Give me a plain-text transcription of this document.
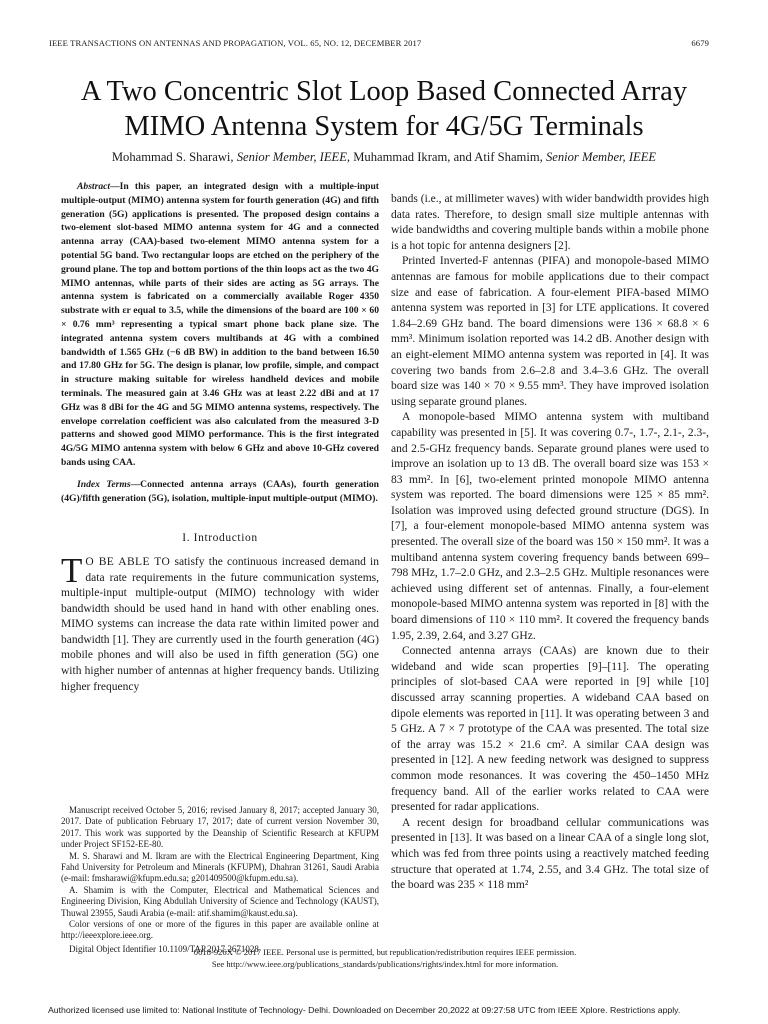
IEEE TRANSACTIONS ON ANTENNAS AND PROPAGATION, VOL. 65, NO. 12, DECEMBER 2017	6679
A Two Concentric Slot Loop Based Connected Array
MIMO Antenna System for 4G/5G Terminals
Mohammad S. Sharawi, Senior Member, IEEE, Muhammad Ikram, and Atif Shamim, Senior Member, IEEE

Abstract—In this paper, an integrated design with a multiple-input multiple-output (MIMO) antenna system for fourth generation (4G) and fifth generation (5G) applications is presented. The proposed design contains a two-element slot-based MIMO antenna system for 4G and a connected antenna array (CAA)-based two-element MIMO antenna system for a potential 5G band. Two rectangular loops are etched on the periphery of the ground plane. The top and bottom portions of the thin loops act as the two 4G MIMO antennas, while parts of their sides are acting as 5G arrays. The antenna system is fabricated on a commercially available Roger 4350 substrate with εr equal to 3.5, while the dimensions of the board are 100 × 60 × 0.76 mm³ representing a typical smart phone back plane size. The integrated antenna system covers multibands at 4G with a combined bandwidth of 1.565 GHz (−6 dB BW) in addition to the band between 16.50 and 17.80 GHz for 5G. The design is planar, low profile, simple, and compact in structure making suitable for wireless handheld devices and mobile terminals. The measured gain at 3.46 GHz was at least 2.22 dBi and at 17 GHz was 8 dBi for the 4G and 5G MIMO antenna systems, respectively. The envelope correlation coefficient was also calculated from the measured 3-D patterns and showed good MIMO performance. This is the first integrated 4G/5G MIMO antenna system with below 6 GHz and above 10-GHz covered bands using CAA.

Index Terms—Connected antenna arrays (CAAs), fourth generation (4G)/fifth generation (5G), isolation, multiple-input multiple-output (MIMO).

I. Introduction

T O BE ABLE TO satisfy the continuous increased demand in data rate requirements in the future communication systems, multiple-input multiple-output (MIMO) technology with wider bandwidth should be used hand in hand with other enabling ones. MIMO systems can increase the data rate within limited power and bandwidth [1]. They are currently used in the fourth generation (4G) mobile phones and will also be used in fifth generation (5G) one with higher number of antennas at higher frequency bands. Utilizing higher frequency

Manuscript received October 5, 2016; revised January 8, 2017; accepted January 30, 2017. Date of publication February 17, 2017; date of current version November 30, 2017. This work was supported by the Deanship of Scientific Research at KFUPM under Project SF152-EE-80.

M. S. Sharawi and M. Ikram are with the Electrical Engineering Department, King Fahd University for Petroleum and Minerals (KFUPM), Dhahran 31261, Saudi Arabia (e-mail: fmsharawi@kfupm.edu.sa; g201409500@kfupm.edu.sa).

A. Shamim is with the Computer, Electrical and Mathematical Sciences and Engineering Division, King Abdullah University of Science and Technology (KAUST), Thuwal 23955, Saudi Arabia (e-mail: atif.shamim@kaust.edu.sa).

Color versions of one or more of the figures in this paper are available online at http://ieeexplore.ieee.org.

Digital Object Identifier 10.1109/TAP.2017.2671028

bands (i.e., at millimeter waves) with wider bandwidth provides high data rates. Therefore, to design small size multiple antennas with wide bandwidths and covering multiple bands within a mobile phone is a hot topic for antenna designers [2].

Printed Inverted-F antennas (PIFA) and monopole-based MIMO antennas are famous for mobile applications due to their compact size and ease of fabrication. A four-element PIFA-based MIMO antenna system was reported in [3] for LTE applications. It covered 1.84–2.69 GHz band. The board dimensions were 136 × 68.8 × 6 mm³. Minimum isolation reported was 14.2 dB. Another design with an eight-element MIMO antenna system was reported in [4]. It was covering two bands from 2.6–2.8 and 3.4–3.6 GHz. The overall board size was 140 × 70 × 9.55 mm³. They have improved isolation using separate ground planes.

A monopole-based MIMO antenna system with multiband capability was presented in [5]. It was covering 0.7-, 1.7-, 2.1-, 2.3-, and 2.5-GHz frequency bands. Separate ground planes were used to improve an isolation up to 13 dB. The overall board size was 153 × 83 mm². In [6], two-element printed monopole MIMO antenna system was reported. The board dimensions were 125 × 85 mm². Isolation was improved using defected ground structure (DGS). In [7], a four-element monopole-based MIMO antenna system was presented. The overall size of the board was 150 × 150 mm². It was a multiband antenna system covering frequency bands between 699–798 MHz, 1.7–2.0 GHz, and 2.3–2.5 GHz. Multiple resonances were achieved using different set of antennas. Finally, a four-element monopole-based MIMO antenna system was reported in [8] with the board dimensions of 110 × 110 mm². It covered the frequency bands 1.95, 2.39, 2.64, and 3.27 GHz.

Connected antenna arrays (CAAs) are known due to their wideband and wide scan properties [9]–[11]. The operating principles of slot-based CAA were reported in [9] while [10] discussed array scanning properties. A wideband CAA based on dipole elements was reported in [11]. It was operating between 3 and 5 GHz. A 7 × 7 prototype of the CAA was presented. The total size of the array was 15.2 × 21.6 cm². A similar CAA design was presented in [12]. A new feeding network was designed to suppress common mode resonances. It was covering the 450–1450 MHz frequency band. All of the earlier works related to CAA were presented for radar applications.

A recent design for broadband cellular communications was presented in [13]. It was based on a linear CAA of a single long slot, which was fed from three points using a reactively matched feeding structure that operated at 1.74, 2.55, and 3.4 GHz. The total size of the board was 235 × 118 mm²

0018-926X © 2017 IEEE. Personal use is permitted, but republication/redistribution requires IEEE permission.
See http://www.ieee.org/publications_standards/publications/rights/index.html for more information.
Authorized licensed use limited to: National Institute of Technology- Delhi. Downloaded on December 20,2022 at 09:27:58 UTC from IEEE Xplore. Restrictions apply.
